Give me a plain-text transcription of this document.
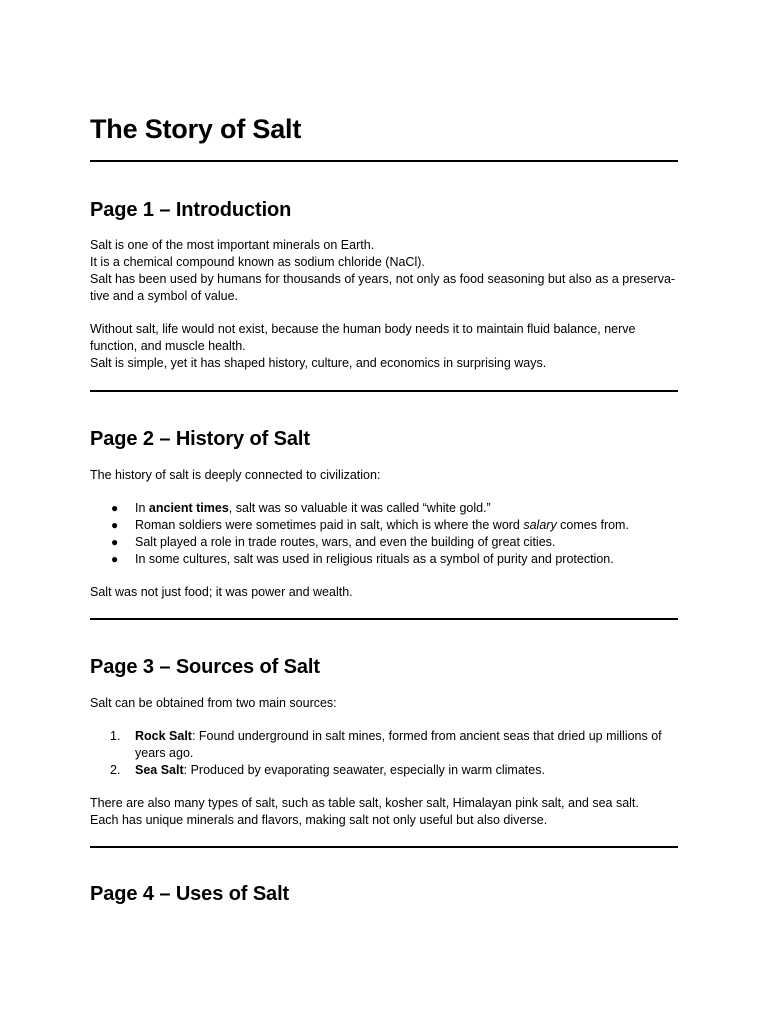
The Story of Salt
Page 1 – Introduction

Salt is one of the most important minerals on Earth.

It is a chemical compound known as sodium chloride (NaCl).

Salt has been used by humans for thousands of years, not only as food seasoning but also as a preserva-

tive and a symbol of value.

Without salt, life would not exist, because the human body needs it to maintain fluid balance, nerve

function, and muscle health.

Salt is simple, yet it has shaped history, culture, and economics in surprising ways.

Page 2 – History of Salt

The history of salt is deeply connected to civilization:

● In ancient times, salt was so valuable it was called “white gold.”
● Roman soldiers were sometimes paid in salt, which is where the word salary comes from.
● Salt played a role in trade routes, wars, and even the building of great cities.
● In some cultures, salt was used in religious rituals as a symbol of purity and protection.

Salt was not just food; it was power and wealth.

Page 3 – Sources of Salt

Salt can be obtained from two main sources:

1. Rock Salt: Found underground in salt mines, formed from ancient seas that dried up millions of
years ago.
2. Sea Salt: Produced by evaporating seawater, especially in warm climates.

There are also many types of salt, such as table salt, kosher salt, Himalayan pink salt, and sea salt.

Each has unique minerals and flavors, making salt not only useful but also diverse.

Page 4 – Uses of Salt
